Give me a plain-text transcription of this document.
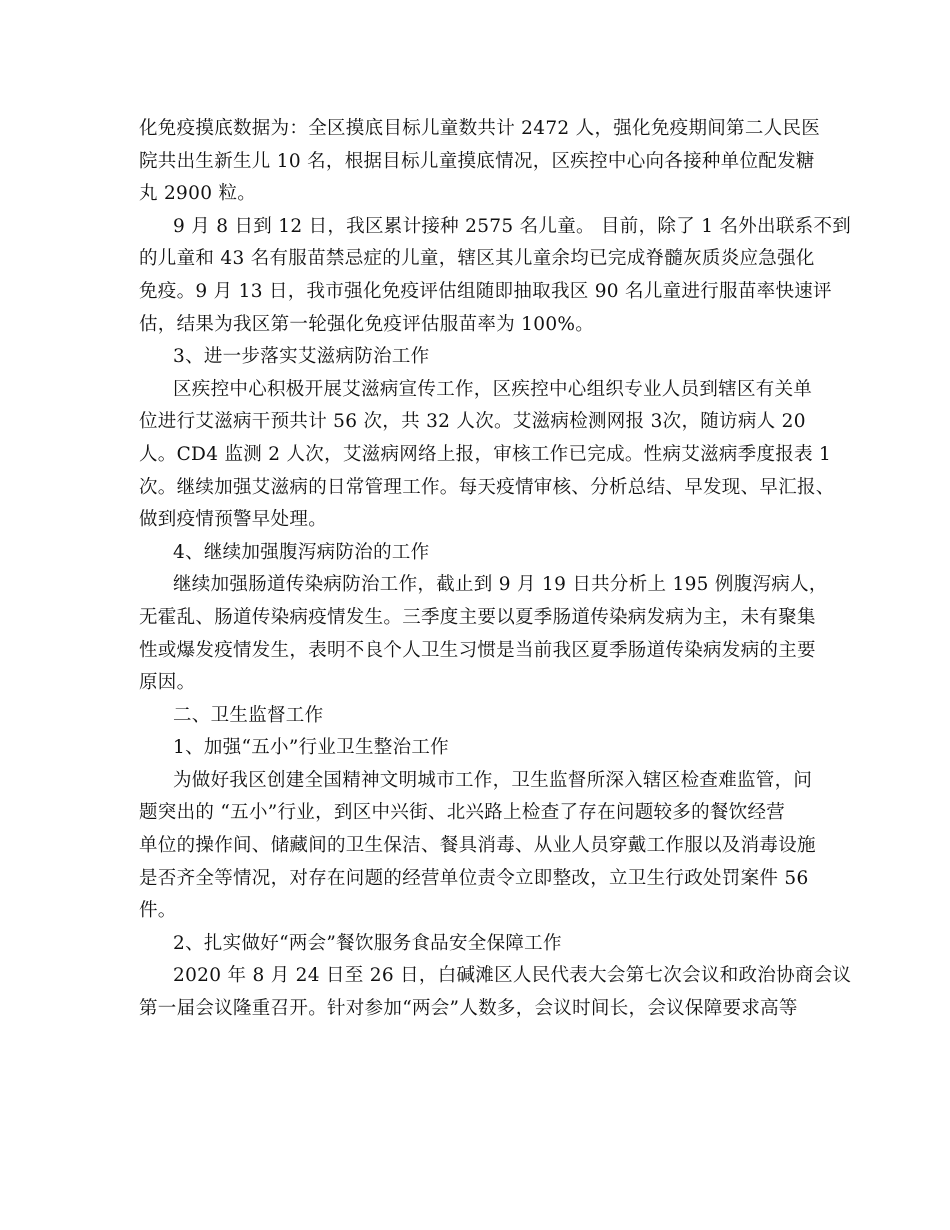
化免疫摸底数据为：全区摸底目标儿童数共计 2472 人，强化免疫期间第二人民医
院共出生新生儿 10 名，根据目标儿童摸底情况，区疾控中心向各接种单位配发糖
丸 2900 粒。
9 月 8 日到 12 日，我区累计接种 2575 名儿童。 目前，除了 1 名外出联系不到
的儿童和 43 名有服苗禁忌症的儿童，辖区其儿童余均已完成脊髓灰质炎应急强化
免疫。9 月 13 日，我市强化免疫评估组随即抽取我区 90 名儿童进行服苗率快速评
估，结果为我区第一轮强化免疫评估服苗率为 100%。
3、进一步落实艾滋病防治工作
区疾控中心积极开展艾滋病宣传工作，区疾控中心组织专业人员到辖区有关单
位进行艾滋病干预共计 56 次，共 32 人次。艾滋病检测网报 3次，随访病人 20
人。CD4 监测 2 人次，艾滋病网络上报，审核工作已完成。性病艾滋病季度报表 1
次。继续加强艾滋病的日常管理工作。每天疫情审核、分析总结、早发现、早汇报、
做到疫情预警早处理。
4、继续加强腹泻病防治的工作
继续加强肠道传染病防治工作，截止到 9 月 19 日共分析上 195 例腹泻病人，
无霍乱、肠道传染病疫情发生。三季度主要以夏季肠道传染病发病为主，未有聚集
性或爆发疫情发生，表明不良个人卫生习惯是当前我区夏季肠道传染病发病的主要
原因。
二、卫生监督工作
1、加强“五小”行业卫生整治工作
为做好我区创建全国精神文明城市工作，卫生监督所深入辖区检查难监管，问
题突出的 “五小”行业，到区中兴街、北兴路上检查了存在问题较多的餐饮经营
单位的操作间、储藏间的卫生保洁、餐具消毒、从业人员穿戴工作服以及消毒设施
是否齐全等情况，对存在问题的经营单位责令立即整改，立卫生行政处罚案件 56
件。
2、扎实做好“两会”餐饮服务食品安全保障工作
2020 年 8 月 24 日至 26 日，白碱滩区人民代表大会第七次会议和政治协商会议
第一届会议隆重召开。针对参加“两会”人数多，会议时间长，会议保障要求高等
